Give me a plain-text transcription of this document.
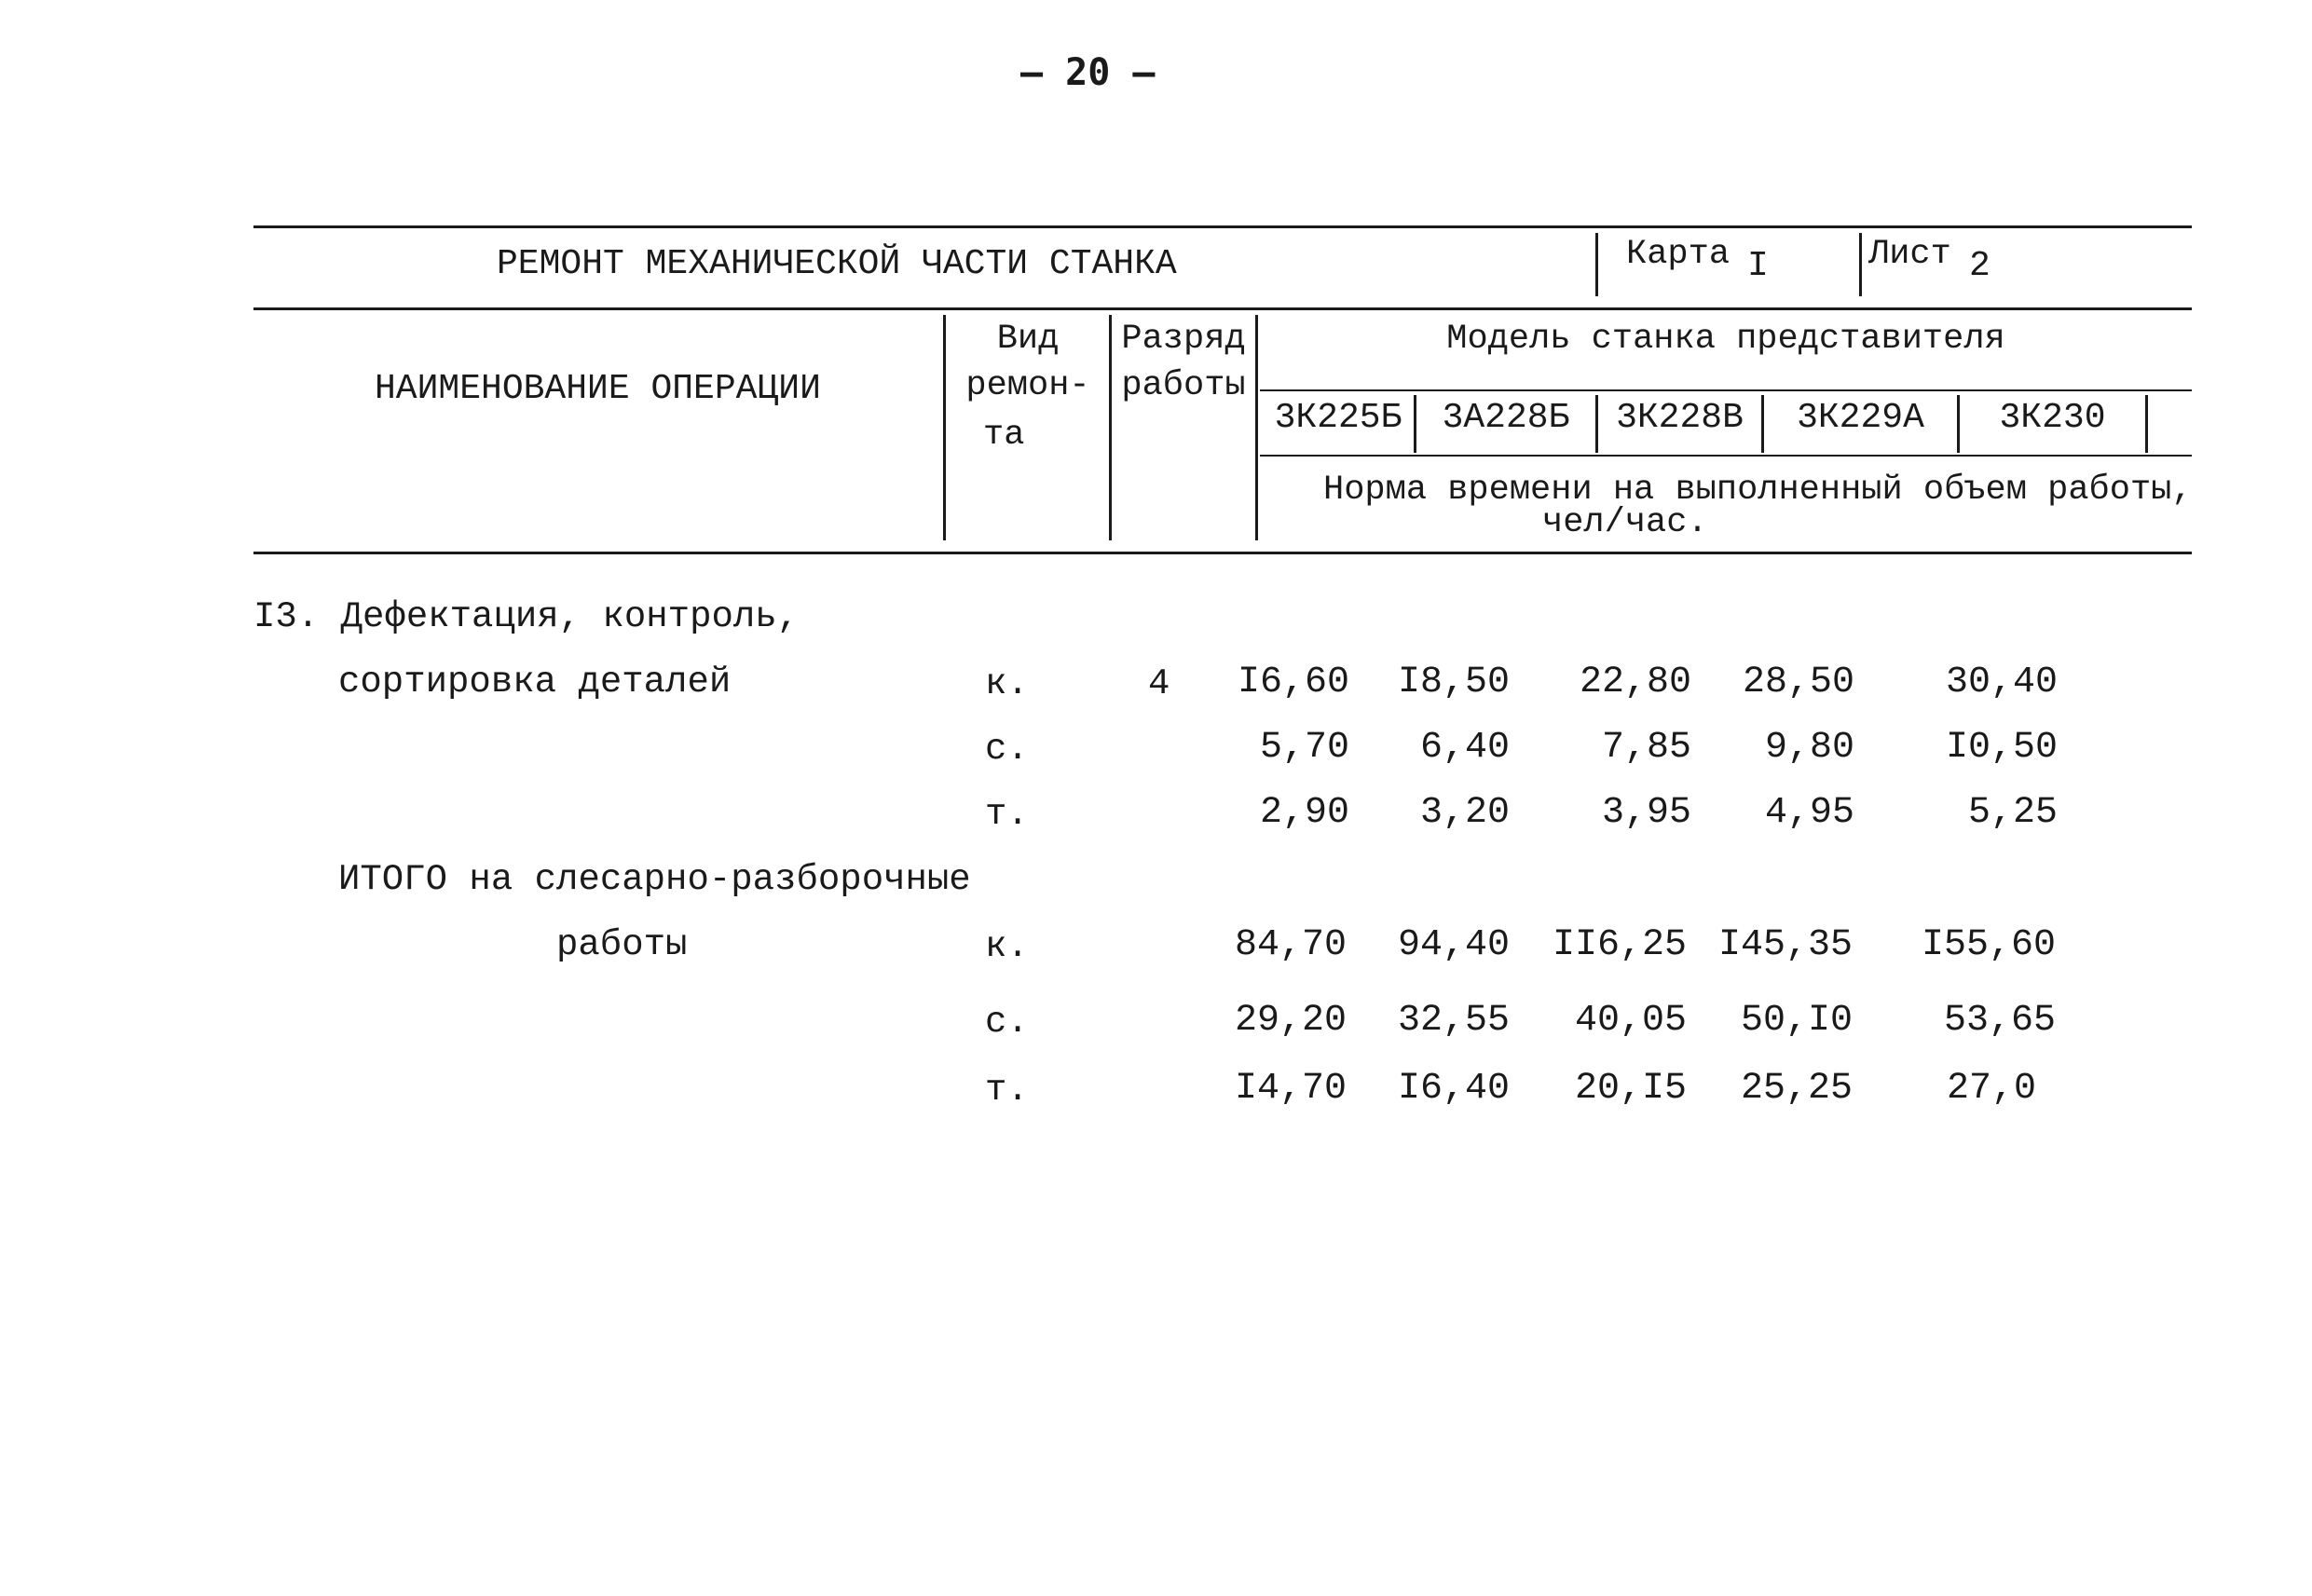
– 20 –
РЕМОНТ МЕХАНИЧЕСКОЙ ЧАСТИ СТАНКА	Карта I	Лист 2
НАИМЕНОВАНИЕ ОПЕРАЦИИ
Вид
ремон-
та
Разряд
работы
Модель станка представителя
3К225Б	3А228Б	3К228В	3К229А	3К230
Норма времени на выполненный объем работы,
чел/час.
I3. Дефектация, контроль,
сортировка деталей	к.	4	I6,60	I8,50	22,80	28,50	30,40
с.	5,70	6,40	7,85	9,80	I0,50
т.	2,90	3,20	3,95	4,95	5,25
ИТОГО на слесарно-разборочные
работы	к.	84,70	94,40	II6,25 I45,35	I55,60
с.	29,20	32,55	40,05	50,I0	53,65
т.	I4,70	I6,40	20,I5	25,25	27,0
